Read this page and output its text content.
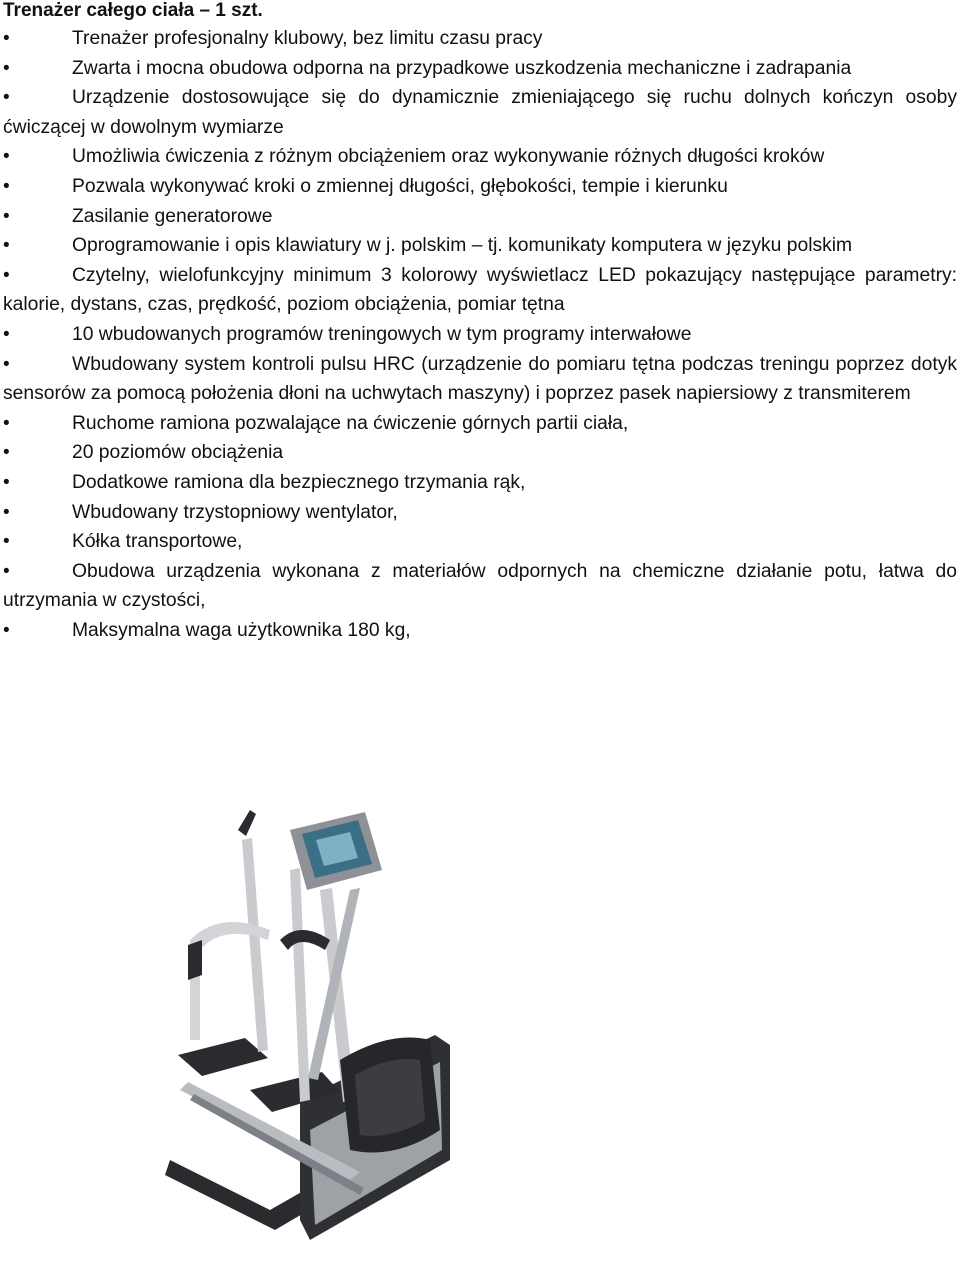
Trenażer całego ciała – 1 szt.

•	Trenażer profesjonalny klubowy, bez limitu czasu pracy
•	Zwarta i mocna obudowa odporna na przypadkowe uszkodzenia mechaniczne i zadrapania
•	Urządzenie dostosowujące się do dynamicznie zmieniającego się ruchu dolnych kończyn osoby ćwiczącej w dowolnym wymiarze
•	Umożliwia ćwiczenia z różnym obciążeniem oraz wykonywanie różnych długości kroków
•	Pozwala wykonywać kroki o zmiennej długości, głębokości, tempie i kierunku
•	Zasilanie generatorowe
•	Oprogramowanie i opis klawiatury w j. polskim – tj. komunikaty komputera w języku polskim
•	Czytelny, wielofunkcyjny minimum 3 kolorowy wyświetlacz LED pokazujący następujące parametry: kalorie, dystans, czas, prędkość, poziom obciążenia, pomiar tętna
•	10 wbudowanych programów treningowych w tym programy interwałowe
•	Wbudowany system kontroli pulsu HRC (urządzenie do pomiaru tętna podczas treningu poprzez dotyk sensorów za pomocą położenia dłoni na uchwytach maszyny) i poprzez pasek napiersiowy z transmiterem
•	Ruchome ramiona pozwalające na ćwiczenie górnych partii ciała,
•	20 poziomów obciążenia
•	Dodatkowe ramiona dla bezpiecznego trzymania rąk,
•	Wbudowany trzystopniowy wentylator,
•	Kółka transportowe,
•	Obudowa urządzenia wykonana z materiałów odpornych na chemiczne działanie potu, łatwa do utrzymania w czystości,
•	Maksymalna waga użytkownika 180 kg,
